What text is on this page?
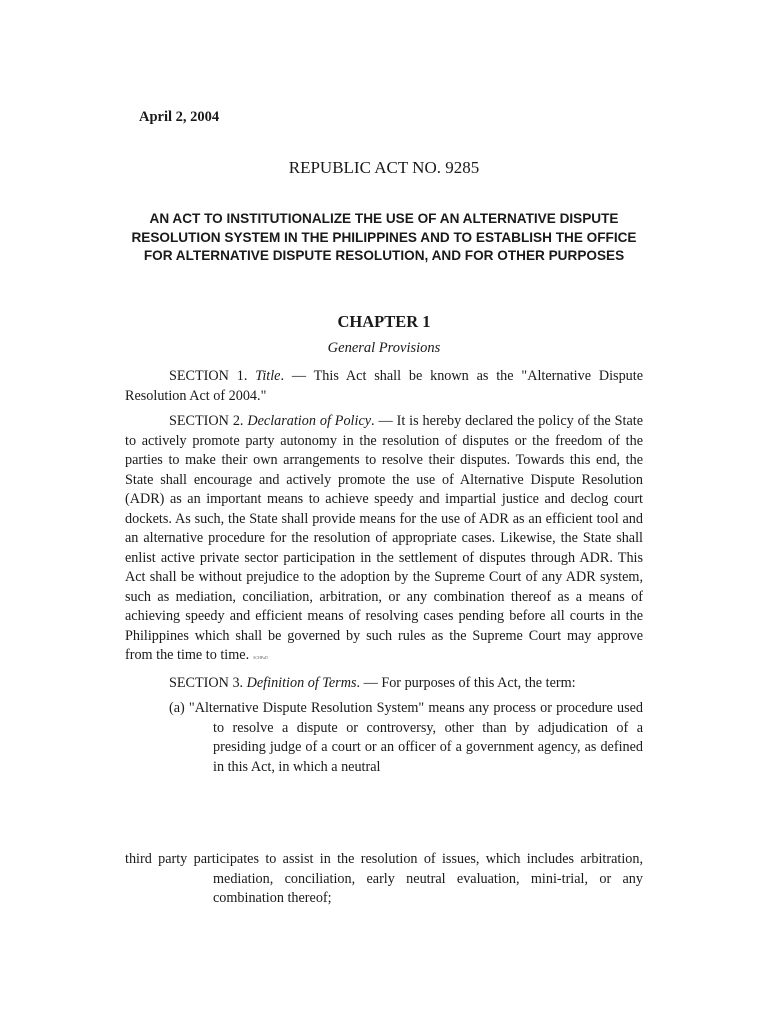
April 2, 2004

REPUBLIC ACT NO. 9285
AN ACT TO INSTITUTIONALIZE THE USE OF AN ALTERNATIVE DISPUTE RESOLUTION SYSTEM IN THE PHILIPPINES AND TO ESTABLISH THE OFFICE FOR ALTERNATIVE DISPUTE RESOLUTION, AND FOR OTHER PURPOSES
CHAPTER 1

General Provisions

SECTION 1. Title. — This Act shall be known as the "Alternative Dispute Resolution Act of 2004."

SECTION 2. Declaration of Policy. — It is hereby declared the policy of the State to actively promote party autonomy in the resolution of disputes or the freedom of the parties to make their own arrangements to resolve their disputes. Towards this end, the State shall encourage and actively promote the use of Alternative Dispute Resolution (ADR) as an important means to achieve speedy and impartial justice and declog court dockets. As such, the State shall provide means for the use of ADR as an efficient tool and an alternative procedure for the resolution of appropriate cases. Likewise, the State shall enlist active private sector participation in the settlement of disputes through ADR. This Act shall be without prejudice to the adoption by the Supreme Court of any ADR system, such as mediation, conciliation, arbitration, or any combination thereof as a means of achieving speedy and efficient means of resolving cases pending before all courts in the Philippines which shall be governed by such rules as the Supreme Court may approve from the time to time. SCHPaD

SECTION 3. Definition of Terms. — For purposes of this Act, the term:

(a) "Alternative Dispute Resolution System" means any process or procedure used to resolve a dispute or controversy, other than by adjudication of a presiding judge of a court or an officer of a government agency, as defined in this Act, in which a neutral

third party participates to assist in the resolution of issues, which includes arbitration, mediation, conciliation, early neutral evaluation, mini-trial, or any combination thereof;
